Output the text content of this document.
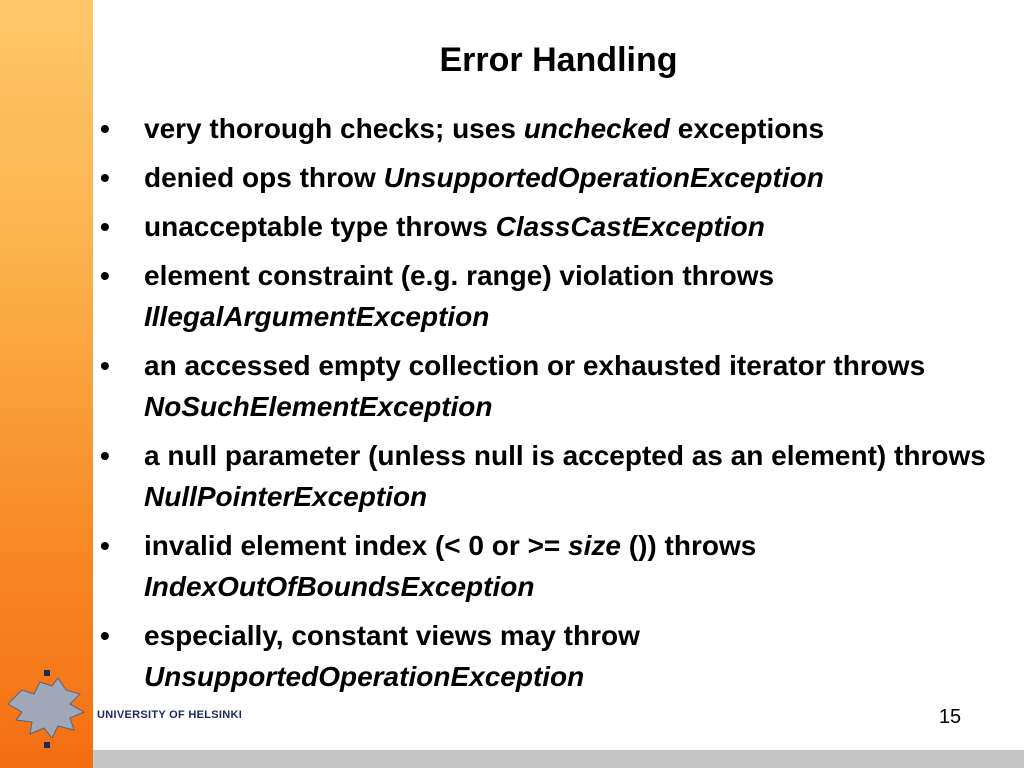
UNIVERSITY OF HELSINKI
Error Handling
• very thorough checks; uses unchecked exceptions
• denied ops throw UnsupportedOperationException
• unacceptable type throws ClassCastException
• element constraint (e.g. range) violation throws IllegalArgumentException
• an accessed empty collection or exhausted iterator throws NoSuchElementException
• a null parameter (unless null is accepted as an element) throws NullPointerException
• invalid element index (< 0 or >= size ()) throws IndexOutOfBoundsException
• especially, constant views may throw UnsupportedOperationException
15
